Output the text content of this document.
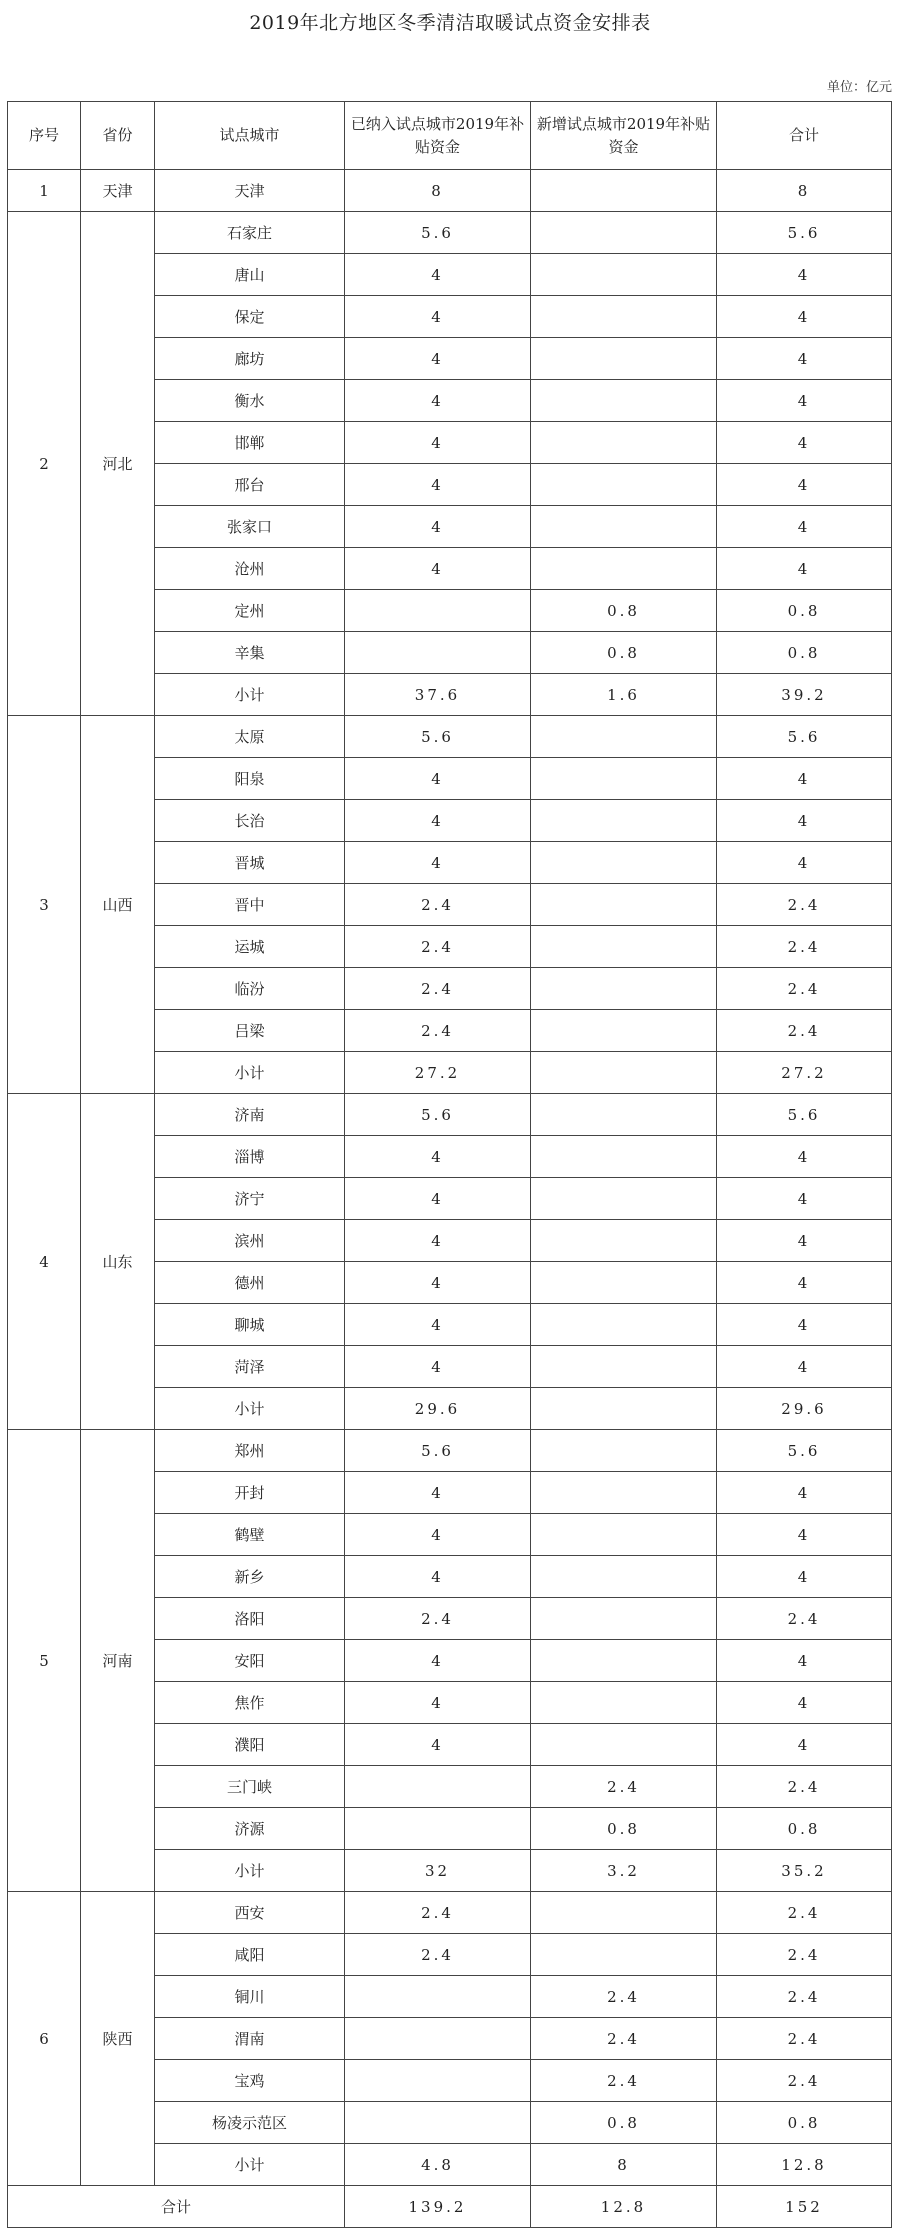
2019年北方地区冬季清洁取暖试点资金安排表
单位：亿元
序号	省份	试点城市	已纳入试点城市2019年补贴资金	新增试点城市2019年补贴资金	合计
1	天津	天津	8		8
2	河北	石家庄	5.6		5.6
		唐山	4		4
		保定	4		4
		廊坊	4		4
		衡水	4		4
		邯郸	4		4
		邢台	4		4
		张家口	4		4
		沧州	4		4
		定州		0.8	0.8
		辛集		0.8	0.8
		小计	37.6	1.6	39.2
3	山西	太原	5.6		5.6
		阳泉	4		4
		长治	4		4
		晋城	4		4
		晋中	2.4		2.4
		运城	2.4		2.4
		临汾	2.4		2.4
		吕梁	2.4		2.4
		小计	27.2		27.2
4	山东	济南	5.6		5.6
		淄博	4		4
		济宁	4		4
		滨州	4		4
		德州	4		4
		聊城	4		4
		菏泽	4		4
		小计	29.6		29.6
5	河南	郑州	5.6		5.6
		开封	4		4
		鹤壁	4		4
		新乡	4		4
		洛阳	2.4		2.4
		安阳	4		4
		焦作	4		4
		濮阳	4		4
		三门峡		2.4	2.4
		济源		0.8	0.8
		小计	32	3.2	35.2
6	陕西	西安	2.4		2.4
		咸阳	2.4		2.4
		铜川		2.4	2.4
		渭南		2.4	2.4
		宝鸡		2.4	2.4
		杨凌示范区		0.8	0.8
		小计	4.8	8	12.8
合计			139.2	12.8	152
